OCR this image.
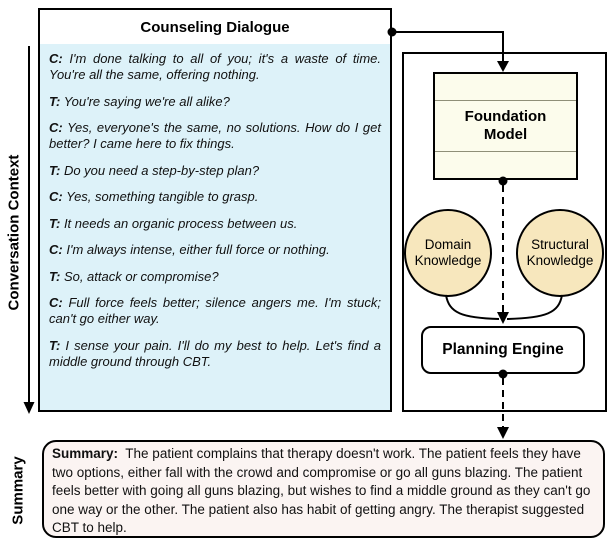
Counseling Dialogue

C: I'm done talking to all of you; it's a waste of time. You're all the same, offering nothing.

T: You're saying we're all alike?

C: Yes, everyone's the same, no solutions. How do I get better? I came here to fix things.

T: Do you need a step-by-step plan?

C: Yes, something tangible to grasp.

T: It needs an organic process between us.

C: I'm always intense, either full force or nothing.

T: So, attack or compromise?

C: Full force feels better; silence angers me. I'm stuck; can't go either way.

T: I sense your pain. I'll do my best to help. Let's find a middle ground through CBT.

Conversation Context
Summary
Foundation Model
Domain Knowledge
Structural Knowledge
Planning Engine
Summary: The patient complains that therapy doesn't work. The patient feels they have two options, either fall with the crowd and compromise or go all guns blazing. The patient feels better with going all guns blazing, but wishes to find a middle ground as they can't go one way or the other. The patient also has habit of getting angry. The therapist suggested CBT to help.
